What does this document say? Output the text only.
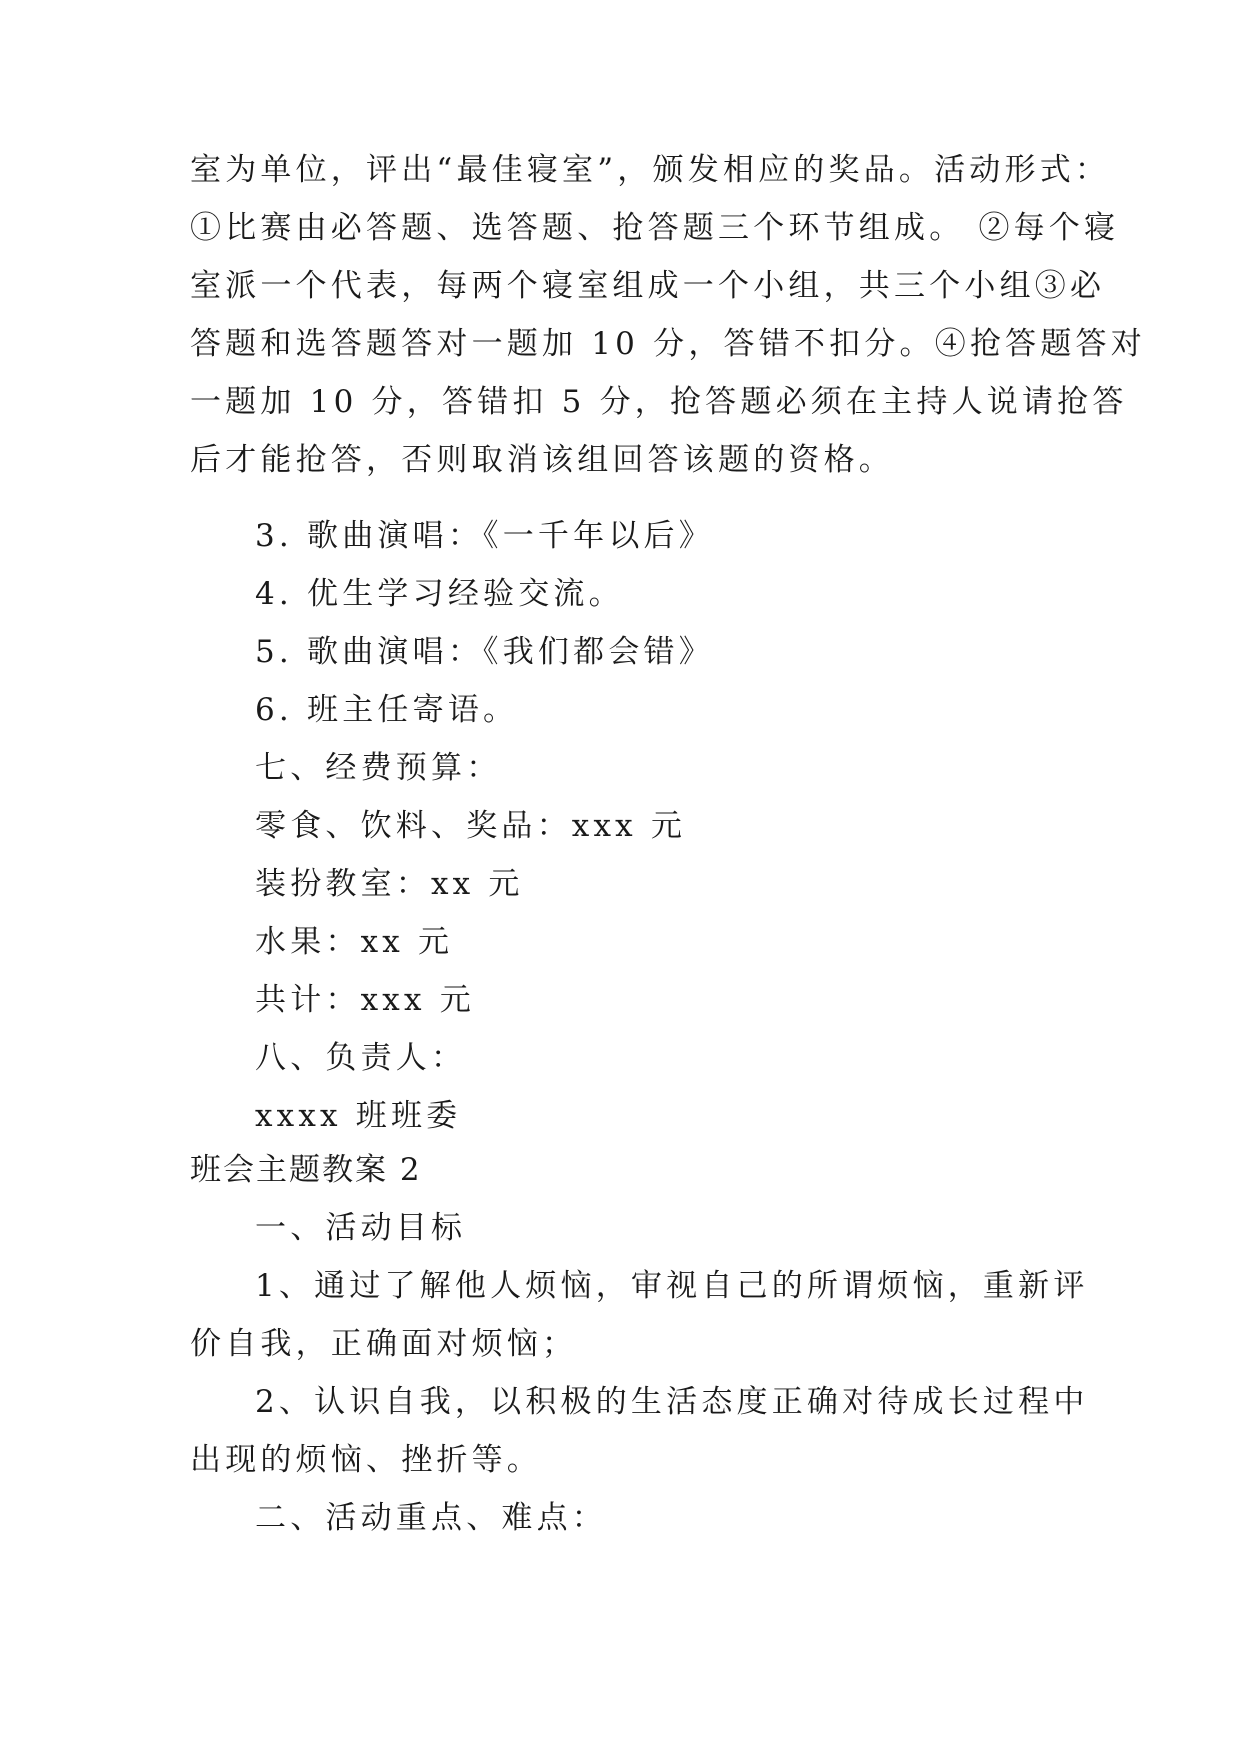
室为单位，评出“最佳寝室”，颁发相应的奖品。活动形式：
①比赛由必答题、选答题、抢答题三个环节组成。 ②每个寝
室派一个代表，每两个寝室组成一个小组，共三个小组③必
答题和选答题答对一题加 10 分，答错不扣分。④抢答题答对
一题加 10 分，答错扣 5 分，抢答题必须在主持人说请抢答
后才能抢答，否则取消该组回答该题的资格。
3. 歌曲演唱：《一千年以后》
4. 优生学习经验交流。
5. 歌曲演唱：《我们都会错》
6. 班主任寄语。
七、经费预算：
零食、饮料、奖品：xxx 元
装扮教室：xx 元
水果：xx 元
共计：xxx 元
八、负责人：
xxxx 班班委
班会主题教案 2
一、活动目标
1、通过了解他人烦恼，审视自己的所谓烦恼，重新评
价自我，正确面对烦恼；
2、认识自我，以积极的生活态度正确对待成长过程中
出现的烦恼、挫折等。
二、活动重点、难点：
